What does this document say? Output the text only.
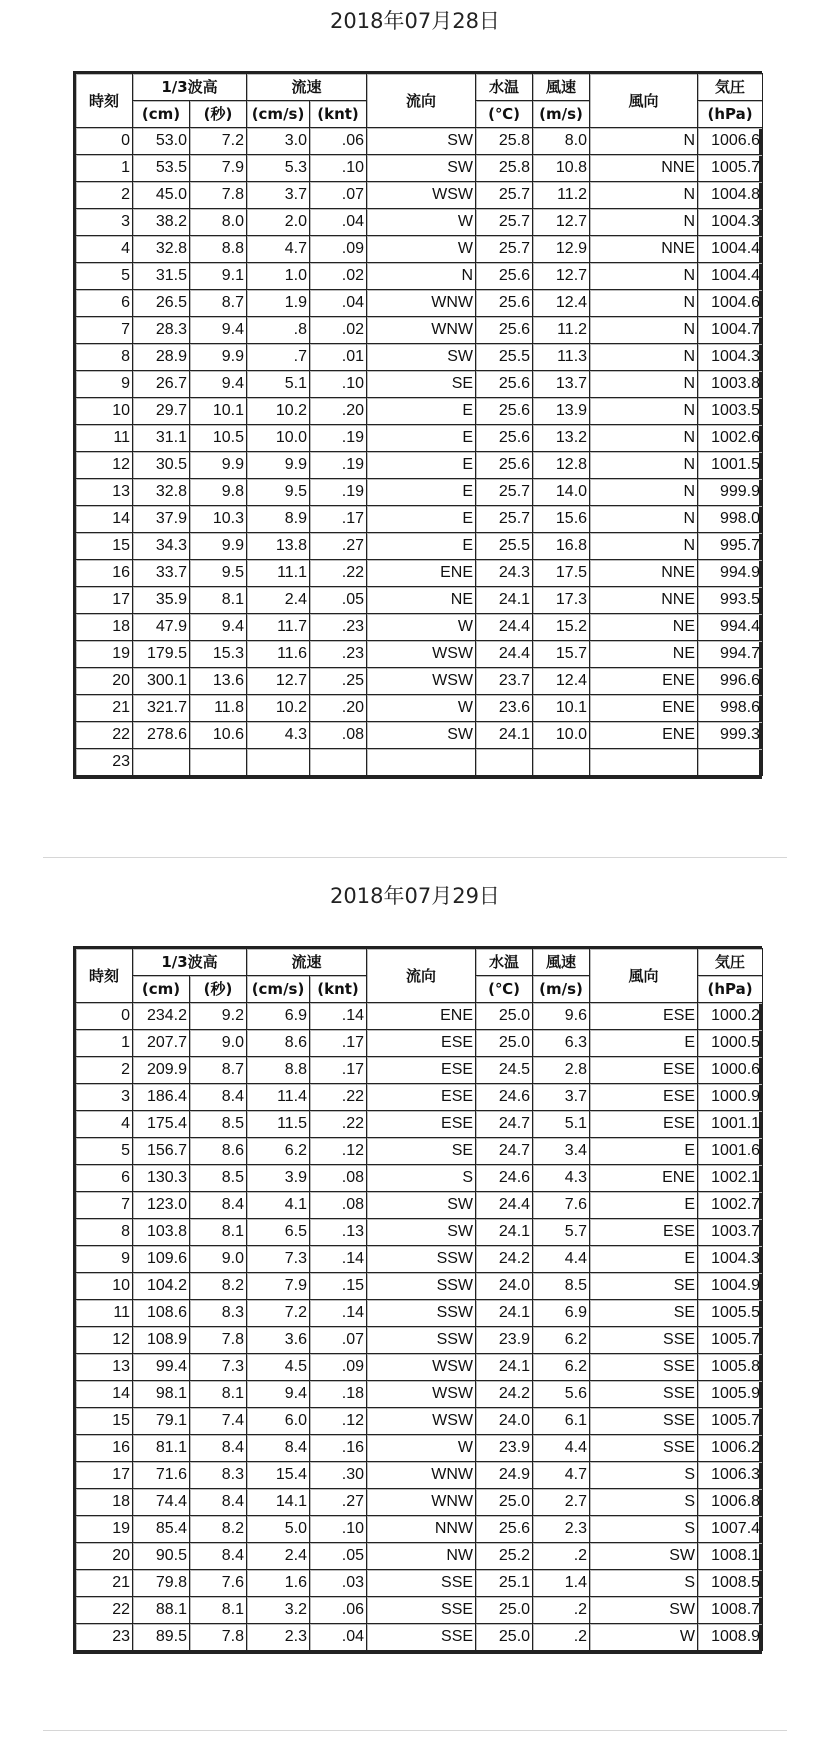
2018年07月28日
時刻	1/3波高		流速		流向	水温	風速	風向	気圧
	(cm)	(秒)	(cm/s)	(knt)		(℃)	(m/s)		(hPa)
0	53.0	7.2	3.0	.06	SW	25.8	8.0	N	1006.6
1	53.5	7.9	5.3	.10	SW	25.8	10.8	NNE	1005.7
2	45.0	7.8	3.7	.07	WSW	25.7	11.2	N	1004.8
3	38.2	8.0	2.0	.04	W	25.7	12.7	N	1004.3
4	32.8	8.8	4.7	.09	W	25.7	12.9	NNE	1004.4
5	31.5	9.1	1.0	.02	N	25.6	12.7	N	1004.4
6	26.5	8.7	1.9	.04	WNW	25.6	12.4	N	1004.6
7	28.3	9.4	.8	.02	WNW	25.6	11.2	N	1004.7
8	28.9	9.9	.7	.01	SW	25.5	11.3	N	1004.3
9	26.7	9.4	5.1	.10	SE	25.6	13.7	N	1003.8
10	29.7	10.1	10.2	.20	E	25.6	13.9	N	1003.5
11	31.1	10.5	10.0	.19	E	25.6	13.2	N	1002.6
12	30.5	9.9	9.9	.19	E	25.6	12.8	N	1001.5
13	32.8	9.8	9.5	.19	E	25.7	14.0	N	999.9
14	37.9	10.3	8.9	.17	E	25.7	15.6	N	998.0
15	34.3	9.9	13.8	.27	E	25.5	16.8	N	995.7
16	33.7	9.5	11.1	.22	ENE	24.3	17.5	NNE	994.9
17	35.9	8.1	2.4	.05	NE	24.1	17.3	NNE	993.5
18	47.9	9.4	11.7	.23	W	24.4	15.2	NE	994.4
19	179.5	15.3	11.6	.23	WSW	24.4	15.7	NE	994.7
20	300.1	13.6	12.7	.25	WSW	23.7	12.4	ENE	996.6
21	321.7	11.8	10.2	.20	W	23.6	10.1	ENE	998.6
22	278.6	10.6	4.3	.08	SW	24.1	10.0	ENE	999.3
23									
2018年07月29日
時刻	1/3波高		流速		流向	水温	風速	風向	気圧
	(cm)	(秒)	(cm/s)	(knt)		(℃)	(m/s)		(hPa)
0	234.2	9.2	6.9	.14	ENE	25.0	9.6	ESE	1000.2
1	207.7	9.0	8.6	.17	ESE	25.0	6.3	E	1000.5
2	209.9	8.7	8.8	.17	ESE	24.5	2.8	ESE	1000.6
3	186.4	8.4	11.4	.22	ESE	24.6	3.7	ESE	1000.9
4	175.4	8.5	11.5	.22	ESE	24.7	5.1	ESE	1001.1
5	156.7	8.6	6.2	.12	SE	24.7	3.4	E	1001.6
6	130.3	8.5	3.9	.08	S	24.6	4.3	ENE	1002.1
7	123.0	8.4	4.1	.08	SW	24.4	7.6	E	1002.7
8	103.8	8.1	6.5	.13	SW	24.1	5.7	ESE	1003.7
9	109.6	9.0	7.3	.14	SSW	24.2	4.4	E	1004.3
10	104.2	8.2	7.9	.15	SSW	24.0	8.5	SE	1004.9
11	108.6	8.3	7.2	.14	SSW	24.1	6.9	SE	1005.5
12	108.9	7.8	3.6	.07	SSW	23.9	6.2	SSE	1005.7
13	99.4	7.3	4.5	.09	WSW	24.1	6.2	SSE	1005.8
14	98.1	8.1	9.4	.18	WSW	24.2	5.6	SSE	1005.9
15	79.1	7.4	6.0	.12	WSW	24.0	6.1	SSE	1005.7
16	81.1	8.4	8.4	.16	W	23.9	4.4	SSE	1006.2
17	71.6	8.3	15.4	.30	WNW	24.9	4.7	S	1006.3
18	74.4	8.4	14.1	.27	WNW	25.0	2.7	S	1006.8
19	85.4	8.2	5.0	.10	NNW	25.6	2.3	S	1007.4
20	90.5	8.4	2.4	.05	NW	25.2	.2	SW	1008.1
21	79.8	7.6	1.6	.03	SSE	25.1	1.4	S	1008.5
22	88.1	8.1	3.2	.06	SSE	25.0	.2	SW	1008.7
23	89.5	7.8	2.3	.04	SSE	25.0	.2	W	1008.9
